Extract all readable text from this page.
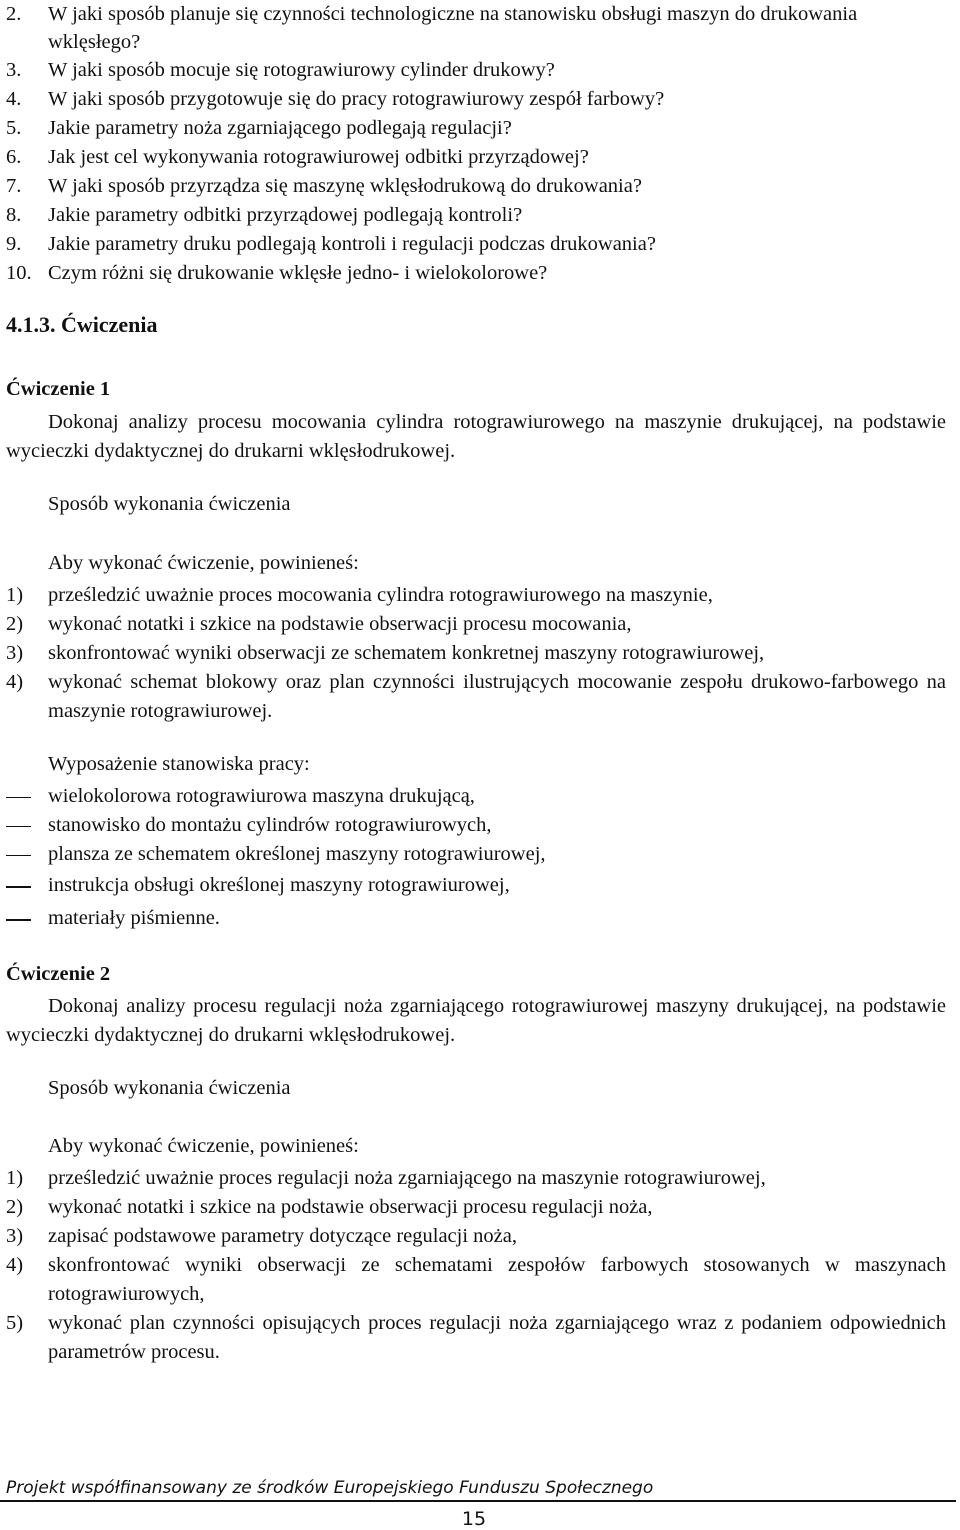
2. W jaki sposób planuje się czynności technologiczne na stanowisku obsługi maszyn do drukowania wklęsłego?
3. W jaki sposób mocuje się rotograwiurowy cylinder drukowy?
4. W jaki sposób przygotowuje się do pracy rotograwiurowy zespół farbowy?
5. Jakie parametry noża zgarniającego podlegają regulacji?
6. Jak jest cel wykonywania rotograwiurowej odbitki przyrządowej?
7. W jaki sposób przyrządza się maszynę wklęsłodrukową do drukowania?
8. Jakie parametry odbitki przyrządowej podlegają kontroli?
9. Jakie parametry druku podlegają kontroli i regulacji podczas drukowania?
10. Czym różni się drukowanie wklęsłe jedno- i wielokolorowe?
4.1.3. Ćwiczenia
Ćwiczenie 1
Dokonaj analizy procesu mocowania cylindra rotograwiurowego na maszynie drukującej, na podstawie wycieczki dydaktycznej do drukarni wklęsłodrukowej.
Sposób wykonania ćwiczenia
Aby wykonać ćwiczenie, powinieneś:
1) prześledzić uważnie proces mocowania cylindra rotograwiurowego na maszynie,
2) wykonać notatki i szkice na podstawie obserwacji procesu mocowania,
3) skonfrontować wyniki obserwacji ze schematem konkretnej maszyny rotograwiurowej,
4) wykonać schemat blokowy oraz plan czynności ilustrujących mocowanie zespołu drukowo-farbowego na maszynie rotograwiurowej.
Wyposażenie stanowiska pracy:
wielokolorowa rotograwiurowa maszyna drukującą,
stanowisko do montażu cylindrów rotograwiurowych,
plansza ze schematem określonej maszyny rotograwiurowej,
instrukcja obsługi określonej maszyny rotograwiurowej,
materiały piśmienne.
Ćwiczenie 2
Dokonaj analizy procesu regulacji noża zgarniającego rotograwiurowej maszyny drukującej, na podstawie wycieczki dydaktycznej do drukarni wklęsłodrukowej.
Sposób wykonania ćwiczenia
Aby wykonać ćwiczenie, powinieneś:
1) prześledzić uważnie proces regulacji noża zgarniającego na maszynie rotograwiurowej,
2) wykonać notatki i szkice na podstawie obserwacji procesu regulacji noża,
3) zapisać podstawowe parametry dotyczące regulacji noża,
4) skonfrontować wyniki obserwacji ze schematami zespołów farbowych stosowanych w maszynach rotograwiurowych,
5) wykonać plan czynności opisujących proces regulacji noża zgarniającego wraz z podaniem odpowiednich parametrów procesu.
Projekt współfinansowany ze środków Europejskiego Funduszu Społecznego
15
